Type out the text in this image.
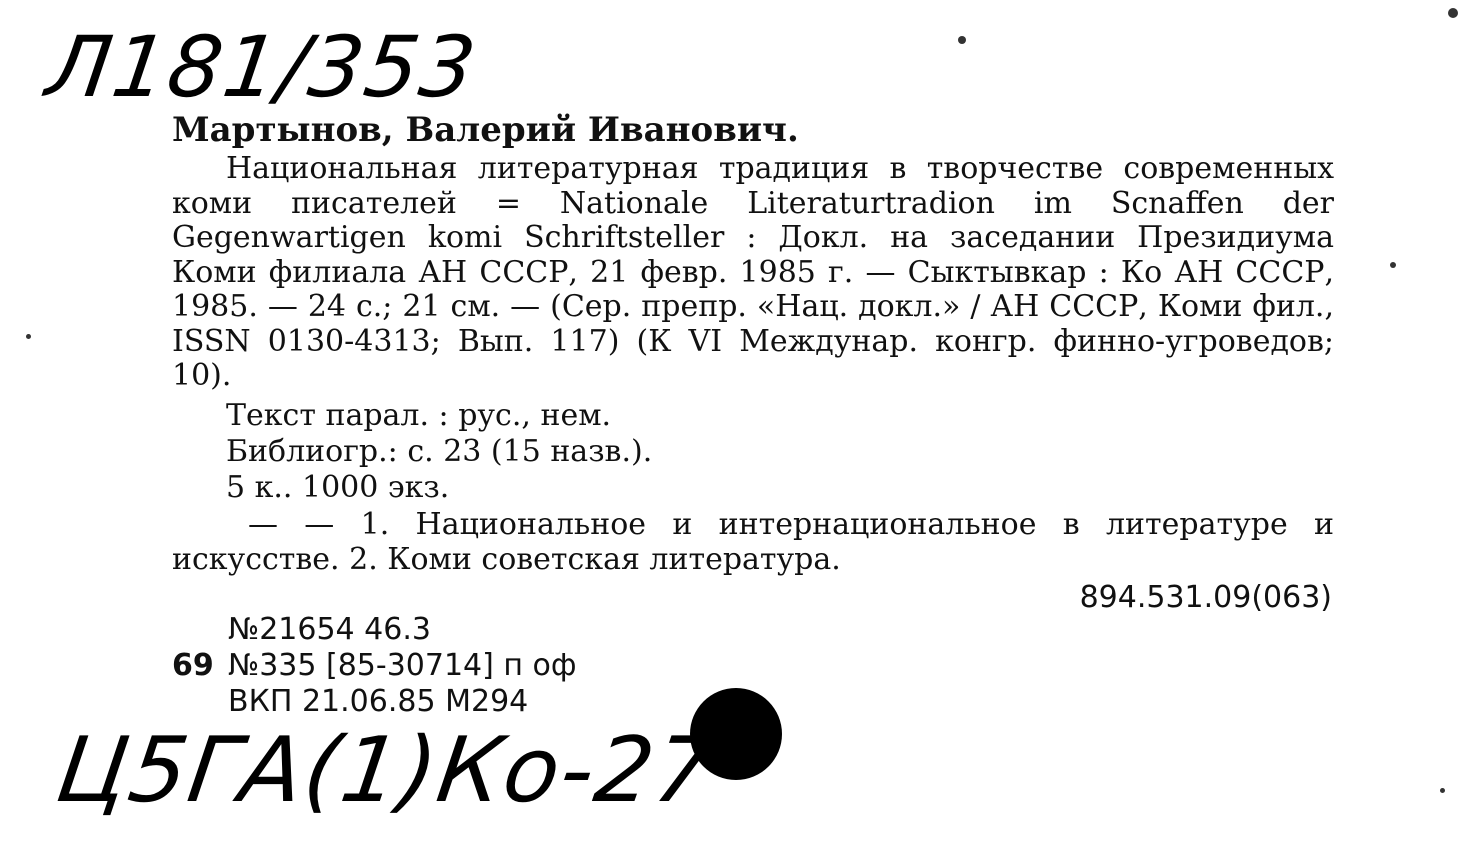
Л181/353
Мартынов, Валерий Иванович.

Национальная литературная традиция в творчестве современных коми писателей = Nationale Literaturtradion im Scnaffen der Gegenwartigen komi Schriftsteller : Докл. на заседании Президиума Коми филиала АН СССР, 21 февр. 1985 г. — Сыктывкар : Ко АН СССР, 1985. — 24 с.; 21 см. — (Сер. препр. «Нац. докл.» / АН СССР, Коми фил., ISSN 0130-4313; Вып. 117) (К VI Междунар. конгр. финно-угроведов; 10).

Текст парал. : рус., нем.
Библиогр.: с. 23 (15 назв.).
5 к.. 1000 экз.

— — 1. Национальное и интернациональное в литературе и искусстве. 2. Коми советская литература.

894.531.09(063)
№21654 46.3
69 №335 [85-30714] п оф
ВКП 21.06.85 М294
Ц5ГА(1)Ко-27
